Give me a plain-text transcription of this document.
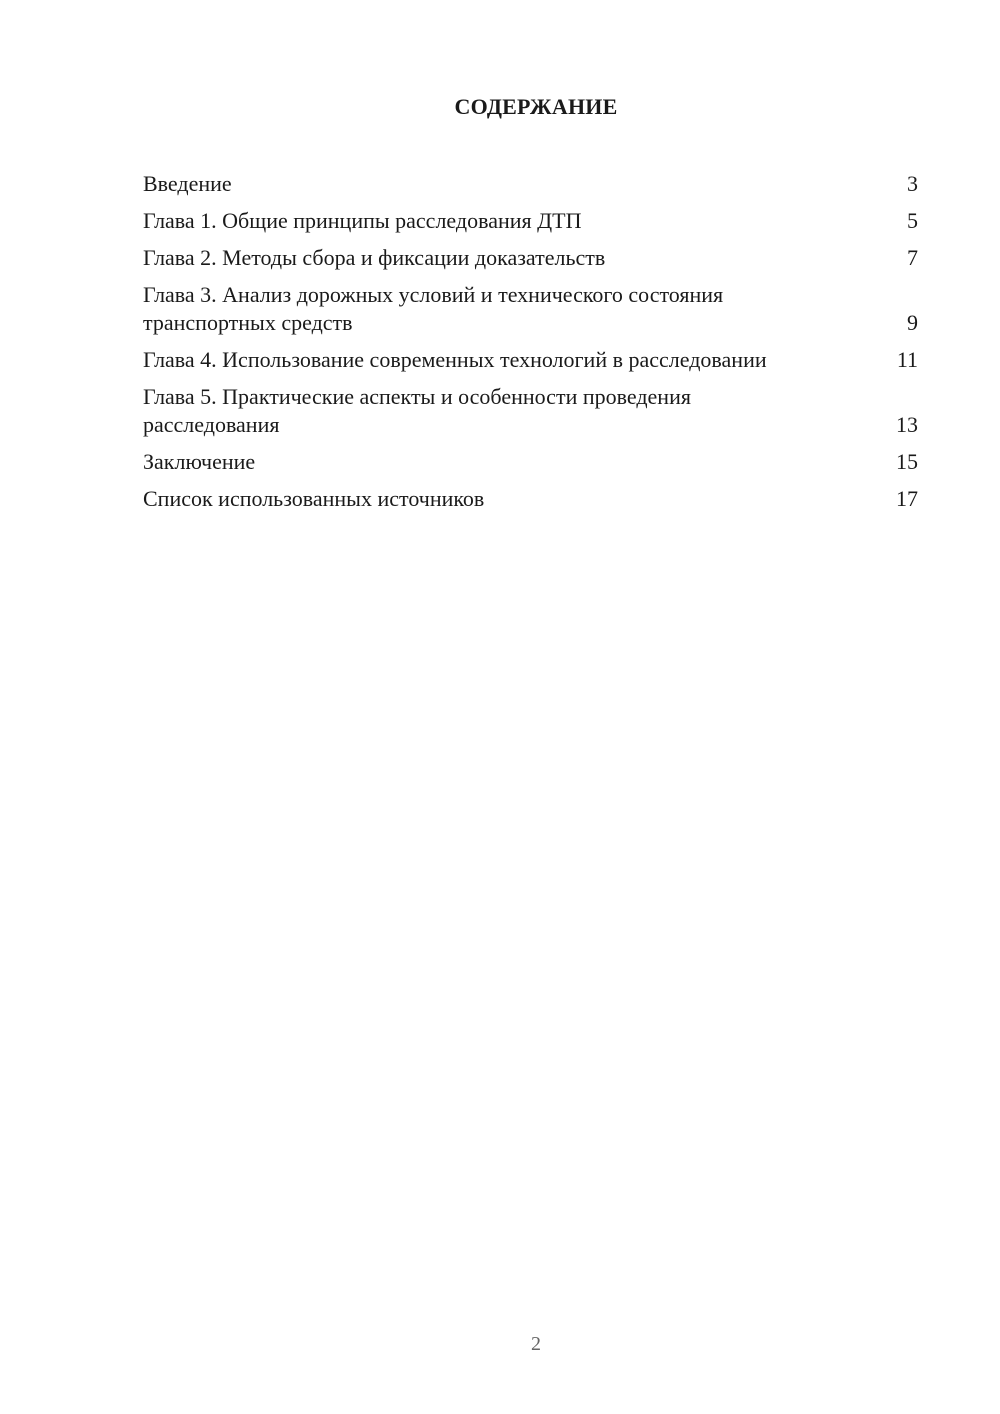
СОДЕРЖАНИЕ
Введение	3
Глава 1. Общие принципы расследования ДТП	5
Глава 2. Методы сбора и фиксации доказательств	7
Глава 3. Анализ дорожных условий и технического состояния транспортных средств	9
Глава 4. Использование современных технологий в расследовании	11
Глава 5. Практические аспекты и особенности проведения расследования	13
Заключение	15
Список использованных источников	17
2
